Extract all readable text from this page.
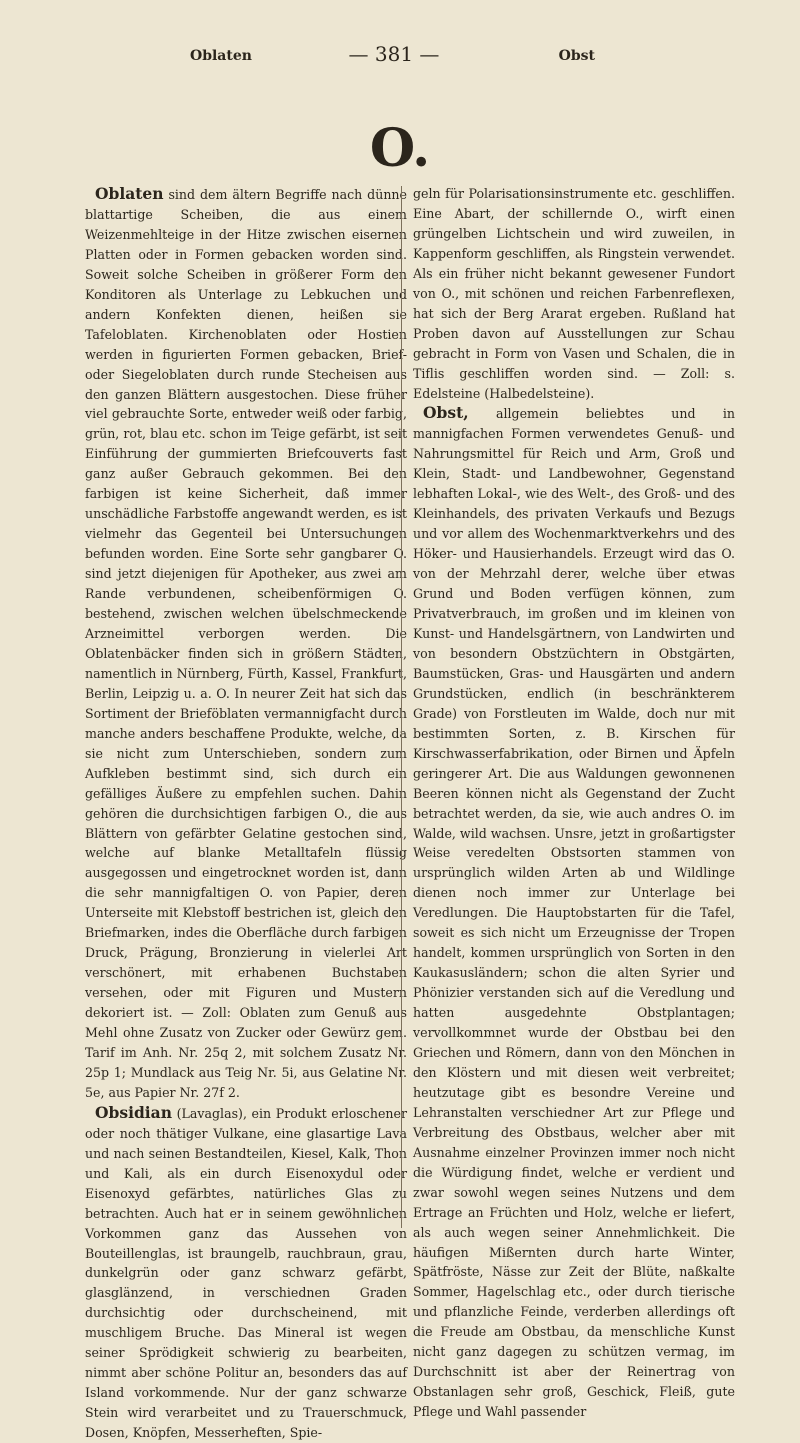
Oblaten	— 381 —	Obst
O.

Oblaten sind dem ältern Begriffe nach dünne blattartige Scheiben, die aus einem Weizenmehlteige in der Hitze zwischen eisernen Platten oder in Formen gebacken worden sind. Soweit solche Scheiben in größerer Form den Konditoren als Unterlage zu Lebkuchen und andern Konfekten dienen, heißen sie Tafeloblaten. Kirchenoblaten oder Hostien werden in figurierten Formen gebacken, Brief- oder Siegeloblaten durch runde Stecheisen aus den ganzen Blättern ausgestochen. Diese früher viel gebrauchte Sorte, entweder weiß oder farbig, grün, rot, blau etc. schon im Teige gefärbt, ist seit Einführung der gummierten Briefcouverts fast ganz außer Gebrauch gekommen. Bei den farbigen ist keine Sicherheit, daß immer unschädliche Farbstoffe angewandt werden, es ist vielmehr das Gegenteil bei Untersuchungen befunden worden. Eine Sorte sehr gangbarer O. sind jetzt diejenigen für Apotheker, aus zwei am Rande verbundenen, scheibenförmigen O. bestehend, zwischen welchen übelschmeckende Arzneimittel verborgen werden. Die Oblatenbäcker finden sich in größern Städten, namentlich in Nürnberg, Fürth, Kassel, Frankfurt, Berlin, Leipzig u. a. O. In neurer Zeit hat sich das Sortiment der Brieföblaten vermannigfacht durch manche anders beschaffene Produkte, welche, da sie nicht zum Unterschieben, sondern zum Aufkleben bestimmt sind, sich durch ein gefälliges Äußere zu empfehlen suchen. Dahin gehören die durchsichtigen farbigen O., die aus Blättern von gefärbter Gelatine gestochen sind, welche auf blanke Metalltafeln flüssig ausgegossen und eingetrocknet worden ist, dann die sehr mannigfaltigen O. von Papier, deren Unterseite mit Klebstoff bestrichen ist, gleich den Briefmarken, indes die Oberfläche durch farbigen Druck, Prägung, Bronzierung in vielerlei Art verschönert, mit erhabenen Buchstaben versehen, oder mit Figuren und Mustern dekoriert ist. — Zoll: Oblaten zum Genuß aus Mehl ohne Zusatz von Zucker oder Gewürz gem. Tarif im Anh. Nr. 25q 2, mit solchem Zusatz Nr. 25p 1; Mundlack aus Teig Nr. 5i, aus Gelatine Nr. 5e, aus Papier Nr. 27f 2.

Obsidian (Lavaglas), ein Produkt erloschener oder noch thätiger Vulkane, eine glasartige Lava und nach seinen Bestandteilen, Kiesel, Kalk, Thon und Kali, als ein durch Eisenoxydul oder Eisenoxyd gefärbtes, natürliches Glas zu betrachten. Auch hat er in seinem gewöhnlichen Vorkommen ganz das Aussehen von Bouteillenglas, ist braungelb, rauchbraun, grau, dunkelgrün oder ganz schwarz gefärbt, glasglänzend, in verschiednen Graden durchsichtig oder durchscheinend, mit muschligem Bruche. Das Mineral ist wegen seiner Sprödigkeit schwierig zu bearbeiten, nimmt aber schöne Politur an, besonders das auf Island vorkommende. Nur der ganz schwarze Stein wird verarbeitet und zu Trauerschmuck, Dosen, Knöpfen, Messerheften, Spie-

geln für Polarisationsinstrumente etc. geschliffen. Eine Abart, der schillernde O., wirft einen grüngelben Lichtschein und wird zuweilen, in Kappenform geschliffen, als Ringstein verwendet. Als ein früher nicht bekannt gewesener Fundort von O., mit schönen und reichen Farbenreflexen, hat sich der Berg Ararat ergeben. Rußland hat Proben davon auf Ausstellungen zur Schau gebracht in Form von Vasen und Schalen, die in Tiflis geschliffen worden sind. — Zoll: s. Edelsteine (Halbedelsteine).

Obst, allgemein beliebtes und in mannigfachen Formen verwendetes Genuß- und Nahrungsmittel für Reich und Arm, Groß und Klein, Stadt- und Landbewohner, Gegenstand lebhaften Lokal-, wie des Welt-, des Groß- und des Kleinhandels, des privaten Verkaufs und Bezugs und vor allem des Wochenmarktverkehrs und des Höker- und Hausierhandels. Erzeugt wird das O. von der Mehrzahl derer, welche über etwas Grund und Boden verfügen können, zum Privatverbrauch, im großen und im kleinen von Kunst- und Handelsgärtnern, von Landwirten und von besondern Obstzüchtern in Obstgärten, Baumstücken, Gras- und Hausgärten und andern Grundstücken, endlich (in beschränkterem Grade) von Forstleuten im Walde, doch nur mit bestimmten Sorten, z. B. Kirschen für Kirschwasserfabrikation, oder Birnen und Äpfeln geringerer Art. Die aus Waldungen gewonnenen Beeren können nicht als Gegenstand der Zucht betrachtet werden, da sie, wie auch andres O. im Walde, wild wachsen. Unsre, jetzt in großartigster Weise veredelten Obstsorten stammen von ursprünglich wilden Arten ab und Wildlinge dienen noch immer zur Unterlage bei Veredlungen. Die Hauptobstarten für die Tafel, soweit es sich nicht um Erzeugnisse der Tropen handelt, kommen ursprünglich von Sorten in den Kaukasusländern; schon die alten Syrier und Phönizier verstanden sich auf die Veredlung und hatten ausgedehnte Obstplantagen; vervollkommnet wurde der Obstbau bei den Griechen und Römern, dann von den Mönchen in den Klöstern und mit diesen weit verbreitet; heutzutage gibt es besondre Vereine und Lehranstalten verschiedner Art zur Pflege und Verbreitung des Obstbaus, welcher aber mit Ausnahme einzelner Provinzen immer noch nicht die Würdigung findet, welche er verdient und zwar sowohl wegen seines Nutzens und dem Ertrage an Früchten und Holz, welche er liefert, als auch wegen seiner Annehmlichkeit. Die häufigen Mißernten durch harte Winter, Spätfröste, Nässe zur Zeit der Blüte, naßkalte Sommer, Hagelschlag etc., oder durch tierische und pflanzliche Feinde, verderben allerdings oft die Freude am Obstbau, da menschliche Kunst nicht ganz dagegen zu schützen vermag, im Durchschnitt ist aber der Reinertrag von Obstanlagen sehr groß, Geschick, Fleiß, gute Pflege und Wahl passender
